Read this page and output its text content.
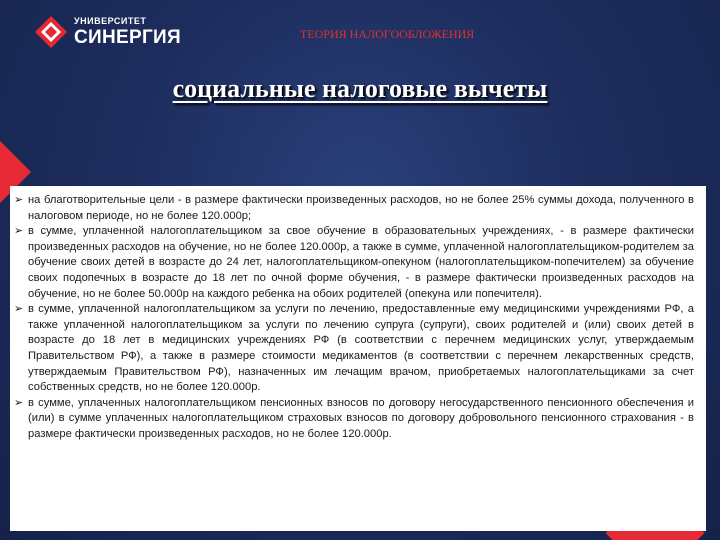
УНИВЕРСИТЕТ
СИНЕРГИЯ	ТЕОРИЯ НАЛОГООБЛОЖЕНИЯ
социальные налоговые вычеты
➢ на благотворительные цели - в размере фактически произведенных расходов, но не более 25% суммы дохода, полученного в налоговом периоде, но не более 120.000р;
➢ в сумме, уплаченной налогоплательщиком за свое обучение в образовательных учреждениях, - в размере фактически произведенных расходов на обучение, но не более 120.000р, а также в сумме, уплаченной налогоплательщиком-родителем за обучение своих детей в возрасте до 24 лет, налогоплательщиком-опекуном (налогоплательщиком-попечителем) за обучение своих подопечных в возрасте до 18 лет по очной форме обучения, - в размере фактически произведенных расходов на обучение, но не более 50.000р на каждого ребенка на обоих родителей (опекуна или попечителя).
➢ в сумме, уплаченной налогоплательщиком за услуги по лечению, предоставленные ему медицинскими учреждениями РФ, а также уплаченной налогоплательщиком за услуги по лечению супруга (супруги), своих родителей и (или) своих детей в возрасте до 18 лет в медицинских учреждениях РФ (в соответствии с перечнем медицинских услуг, утверждаемым Правительством РФ), а также в размере стоимости медикаментов (в соответствии с перечнем лекарственных средств, утверждаемым Правительством РФ), назначенных им лечащим врачом, приобретаемых налогоплательщиками за счет собственных средств, но не более 120.000р.
➢ в сумме, уплаченных налогоплательщиком пенсионных взносов по договору негосударственного пенсионного обеспечения и (или) в сумме уплаченных налогоплательщиком страховых взносов по договору добровольного пенсионного страхования - в размере фактически произведенных расходов, но не более 120.000р.
